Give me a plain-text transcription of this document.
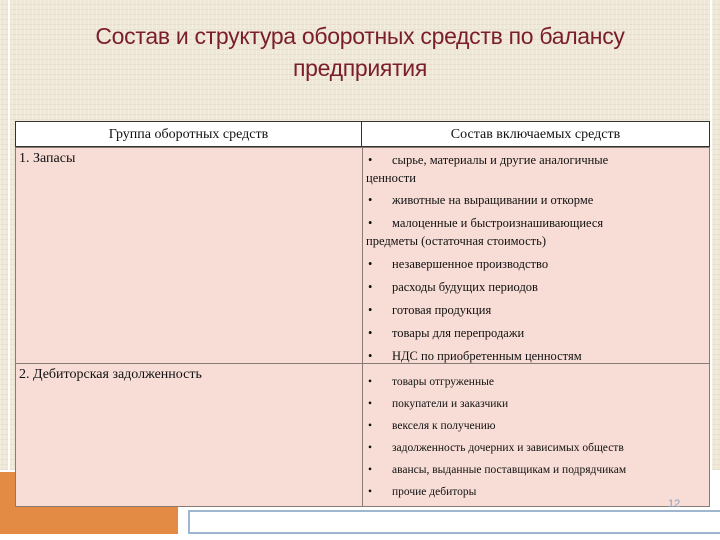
Состав и структура оборотных средств по балансу
предприятия
Группа оборотных средств	Состав включаемых средств
1. Запасы
2. Дебиторская задолженность
• сырье, материалы и другие аналогичные
ценности
• животные на выращивании и откорме
• малоценные и быстроизнашивающиеся
предметы (остаточная стоимость)
• незавершенное производство
• расходы будущих периодов
• готовая продукция
• товары для перепродажи
• НДС по приобретенным ценностям
• товары отгруженные
• покупатели и заказчики
• векселя к получению
• задолженность дочерних и зависимых обществ
• авансы, выданные поставщикам и подрядчикам
• прочие дебиторы
12
